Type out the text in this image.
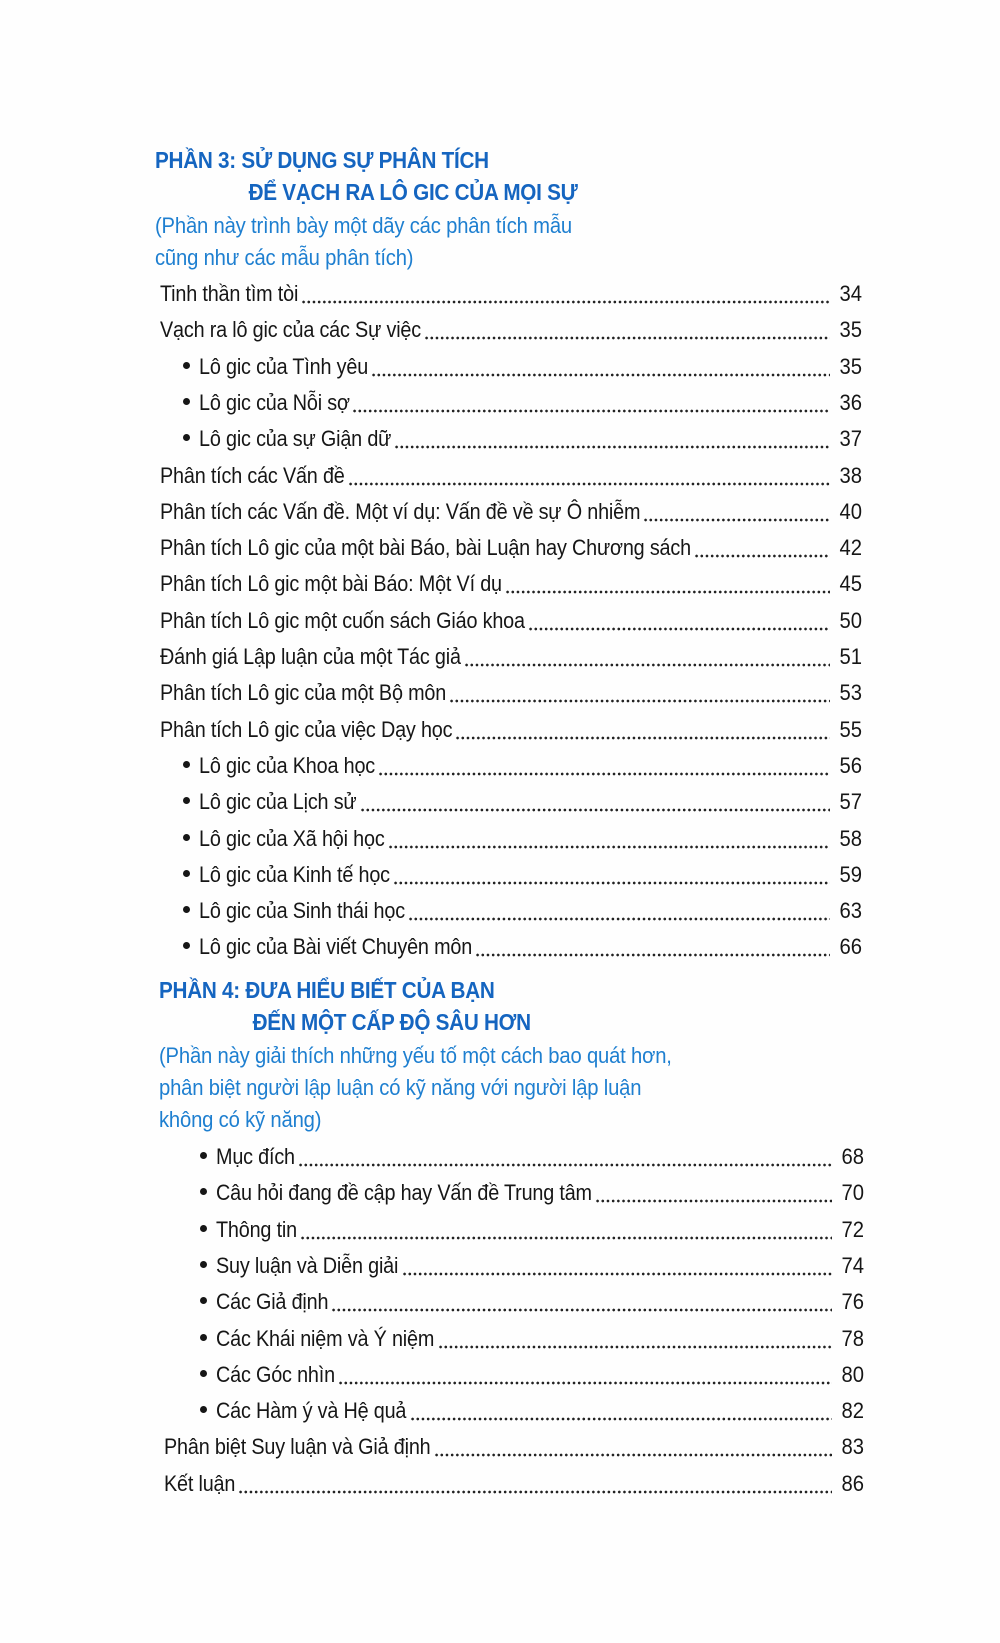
PHẦN 3: SỬ DỤNG SỰ PHÂN TÍCH
ĐỂ VẠCH RA LÔ GIC CỦA MỌI SỰ
(Phần này trình bày một dãy các phân tích mẫu
cũng như các mẫu phân tích)
Tinh thần tìm tòi	34
Vạch ra lô gic của các Sự việc	35
Lô gic của Tình yêu	35
Lô gic của Nỗi sợ	36
Lô gic của sự Giận dữ	37
Phân tích các Vấn đề	38
Phân tích các Vấn đề. Một ví dụ: Vấn đề về sự Ô nhiễm	40
Phân tích Lô gic của một bài Báo, bài Luận hay Chương sách	42
Phân tích Lô gic một bài Báo: Một Ví dụ	45
Phân tích Lô gic một cuốn sách Giáo khoa	50
Đánh giá Lập luận của một Tác giả	51
Phân tích Lô gic của một Bộ môn	53
Phân tích Lô gic của việc Dạy học	55
Lô gic của Khoa học	56
Lô gic của Lịch sử	57
Lô gic của Xã hội học	58
Lô gic của Kinh tế học	59
Lô gic của Sinh thái học	63
Lô gic của Bài viết Chuyên môn	66
PHẦN 4: ĐƯA HIỂU BIẾT CỦA BẠN
ĐẾN MỘT CẤP ĐỘ SÂU HƠN
(Phần này giải thích những yếu tố một cách bao quát hơn,
phân biệt người lập luận có kỹ năng với người lập luận
không có kỹ năng)
Mục đích	68
Câu hỏi đang đề cập hay Vấn đề Trung tâm	70
Thông tin	72
Suy luận và Diễn giải	74
Các Giả định	76
Các Khái niệm và Ý niệm	78
Các Góc nhìn	80
Các Hàm ý và Hệ quả	82
Phân biệt Suy luận và Giả định	83
Kết luận	86
